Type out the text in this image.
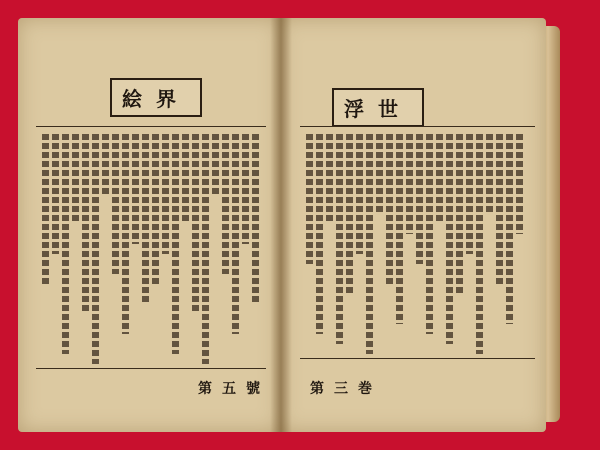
絵界
第五號
浮世
第三巻
